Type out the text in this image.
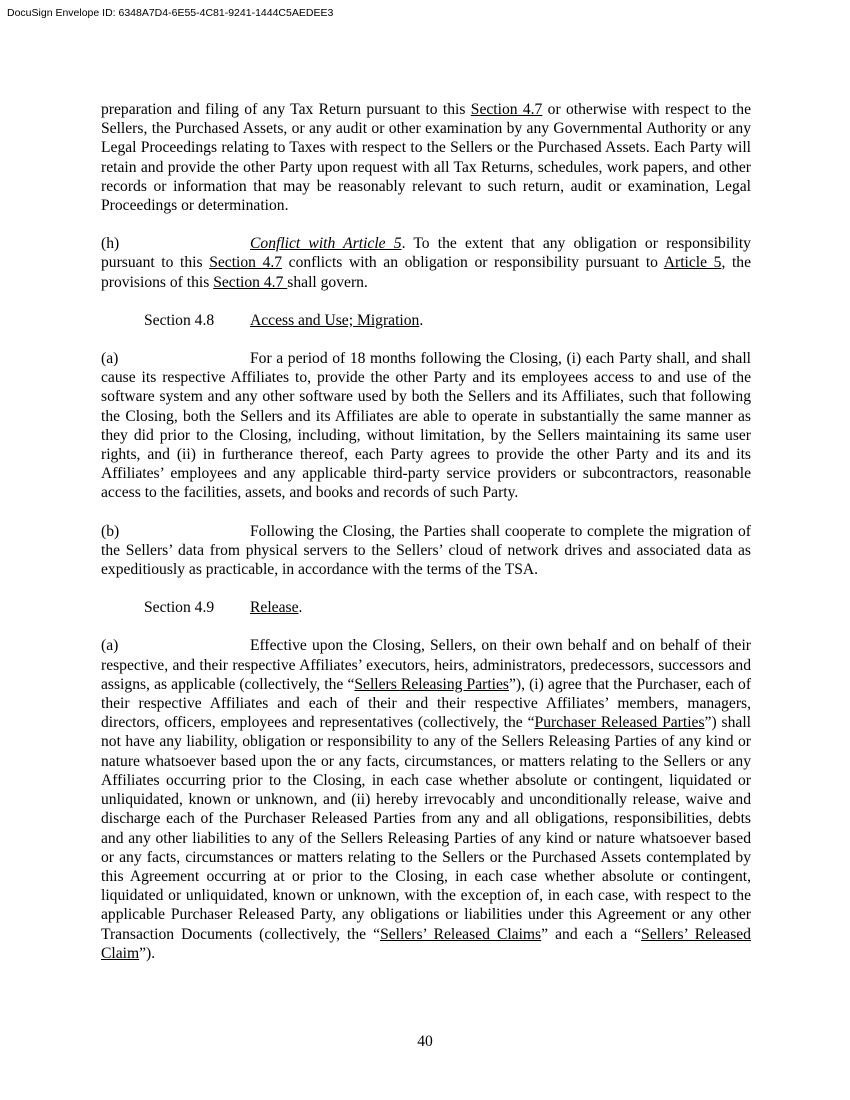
DocuSign Envelope ID: 6348A7D4-6E55-4C81-9241-1444C5AEDEE3

preparation and filing of any Tax Return pursuant to this Section 4.7 or otherwise with respect to the Sellers, the Purchased Assets, or any audit or other examination by any Governmental Authority or any Legal Proceedings relating to Taxes with respect to the Sellers or the Purchased Assets. Each Party will retain and provide the other Party upon request with all Tax Returns, schedules, work papers, and other records or information that may be reasonably relevant to such return, audit or examination, Legal Proceedings or determination.

(h)	Conflict with Article 5. To the extent that any obligation or responsibility pursuant to this Section 4.7 conflicts with an obligation or responsibility pursuant to Article 5, the provisions of this Section 4.7 shall govern.

Section 4.8 Access and Use; Migration.

(a)	For a period of 18 months following the Closing, (i) each Party shall, and shall cause its respective Affiliates to, provide the other Party and its employees access to and use of the software system and any other software used by both the Sellers and its Affiliates, such that following the Closing, both the Sellers and its Affiliates are able to operate in substantially the same manner as they did prior to the Closing, including, without limitation, by the Sellers maintaining its same user rights, and (ii) in furtherance thereof, each Party agrees to provide the other Party and its and its Affiliates’ employees and any applicable third-party service providers or subcontractors, reasonable access to the facilities, assets, and books and records of such Party.

(b)	Following the Closing, the Parties shall cooperate to complete the migration of the Sellers’ data from physical servers to the Sellers’ cloud of network drives and associated data as expeditiously as practicable, in accordance with the terms of the TSA.

Section 4.9 Release.

(a)	Effective upon the Closing, Sellers, on their own behalf and on behalf of their respective, and their respective Affiliates’ executors, heirs, administrators, predecessors, successors and assigns, as applicable (collectively, the “Sellers Releasing Parties”), (i) agree that the Purchaser, each of their respective Affiliates and each of their and their respective Affiliates’ members, managers, directors, officers, employees and representatives (collectively, the “Purchaser Released Parties”) shall not have any liability, obligation or responsibility to any of the Sellers Releasing Parties of any kind or nature whatsoever based upon the or any facts, circumstances, or matters relating to the Sellers or any Affiliates occurring prior to the Closing, in each case whether absolute or contingent, liquidated or unliquidated, known or unknown, and (ii) hereby irrevocably and unconditionally release, waive and discharge each of the Purchaser Released Parties from any and all obligations, responsibilities, debts and any other liabilities to any of the Sellers Releasing Parties of any kind or nature whatsoever based or any facts, circumstances or matters relating to the Sellers or the Purchased Assets contemplated by this Agreement occurring at or prior to the Closing, in each case whether absolute or contingent, liquidated or unliquidated, known or unknown, with the exception of, in each case, with respect to the applicable Purchaser Released Party, any obligations or liabilities under this Agreement or any other Transaction Documents (collectively, the “Sellers’ Released Claims” and each a “Sellers’ Released Claim”).

40
